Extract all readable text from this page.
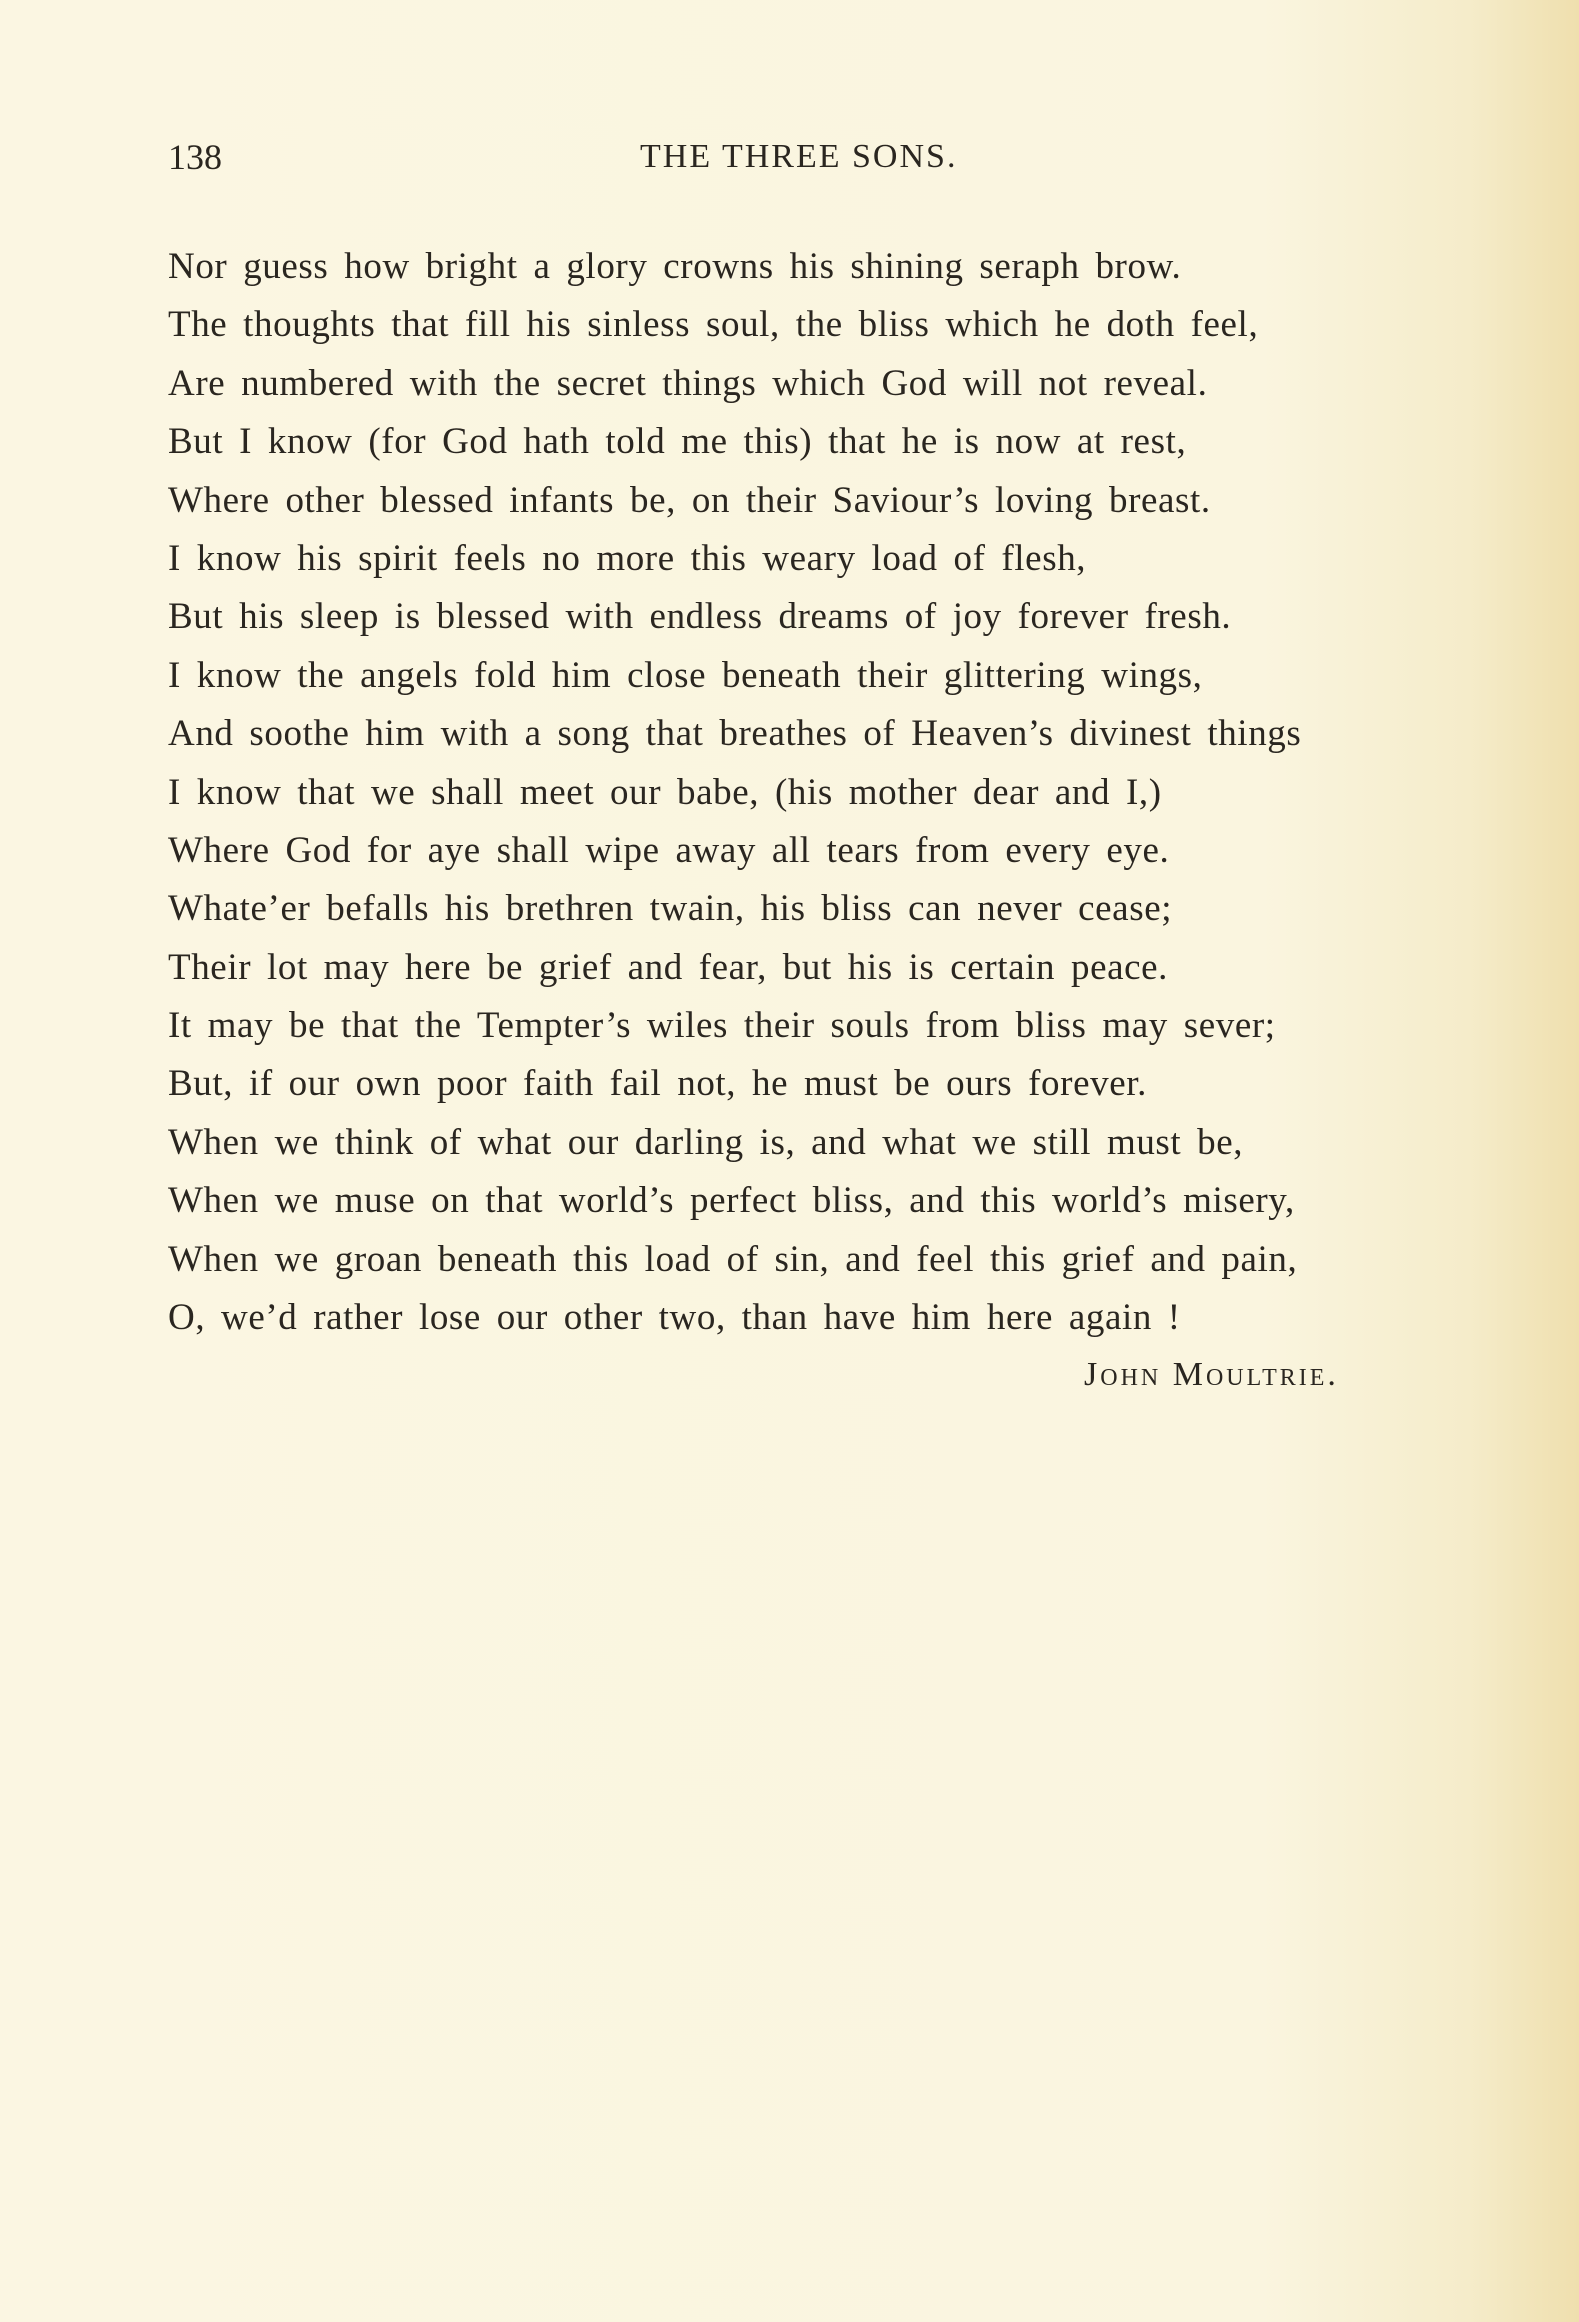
138	THE THREE SONS.
Nor guess how bright a glory crowns his shining seraph brow.
The thoughts that fill his sinless soul, the bliss which he doth feel,
Are numbered with the secret things which God will not reveal.
But I know (for God hath told me this) that he is now at rest,
Where other blessed infants be, on their Saviour’s loving breast.
I know his spirit feels no more this weary load of flesh,
But his sleep is blessed with endless dreams of joy forever fresh.
I know the angels fold him close beneath their glittering wings,
And soothe him with a song that breathes of Heaven’s divinest things
I know that we shall meet our babe, (his mother dear and I,)
Where God for aye shall wipe away all tears from every eye.
Whate’er befalls his brethren twain, his bliss can never cease;
Their lot may here be grief and fear, but his is certain peace.
It may be that the Tempter’s wiles their souls from bliss may sever;
But, if our own poor faith fail not, he must be ours forever.
When we think of what our darling is, and what we still must be,
When we muse on that world’s perfect bliss, and this world’s misery,
When we groan beneath this load of sin, and feel this grief and pain,
O, we’d rather lose our other two, than have him here again !
John Moultrie.
